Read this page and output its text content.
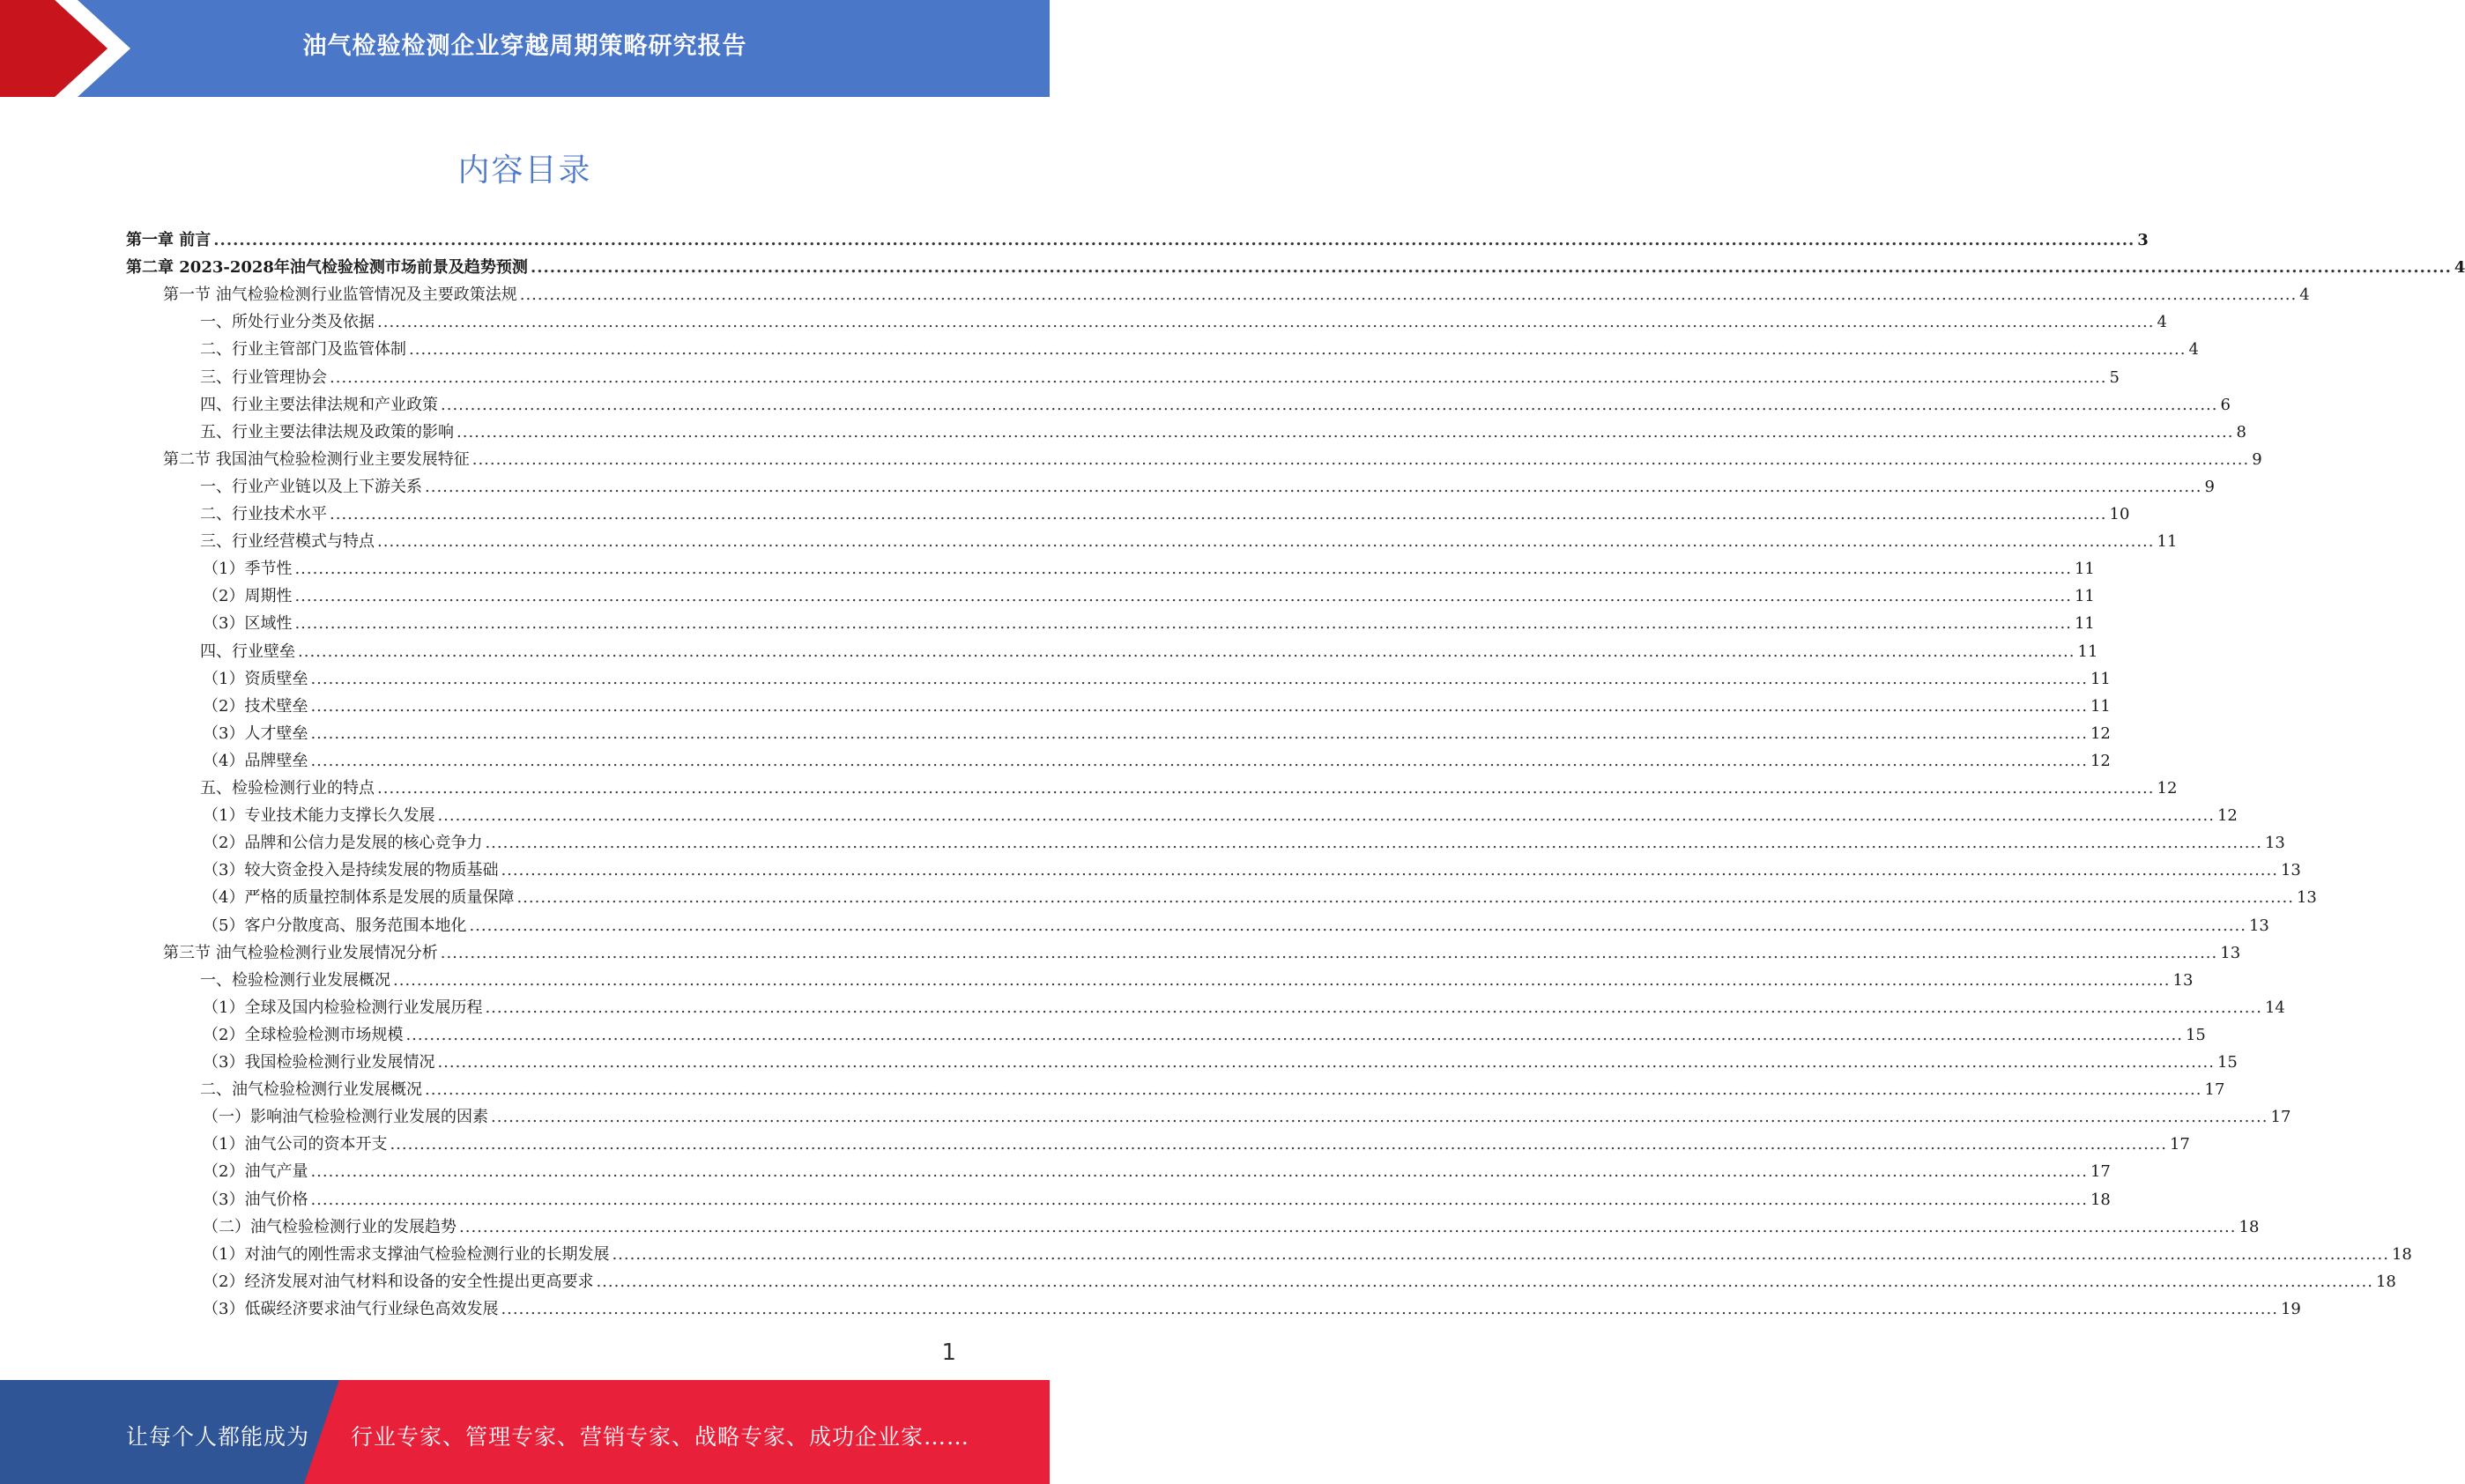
油气检验检测企业穿越周期策略研究报告
内容目录
第一章 前言 ............................................................................................................................................................................................................................................................................................................ 3
第二章 2023-2028年油气检验检测市场前景及趋势预测 ............................................................................................................................................................................................................................................................................................................ 4
第一节 油气检验检测行业监管情况及主要政策法规 ............................................................................................................................................................................................................................................................................................................ 4
一、所处行业分类及依据 ............................................................................................................................................................................................................................................................................................................ 4
二、行业主管部门及监管体制 ............................................................................................................................................................................................................................................................................................................ 4
三、行业管理协会 ............................................................................................................................................................................................................................................................................................................ 5
四、行业主要法律法规和产业政策 ............................................................................................................................................................................................................................................................................................................ 6
五、行业主要法律法规及政策的影响 ............................................................................................................................................................................................................................................................................................................ 8
第二节 我国油气检验检测行业主要发展特征 ............................................................................................................................................................................................................................................................................................................ 9
一、行业产业链以及上下游关系 ............................................................................................................................................................................................................................................................................................................ 9
二、行业技术水平 ............................................................................................................................................................................................................................................................................................................ 10
三、行业经营模式与特点 ............................................................................................................................................................................................................................................................................................................ 11
（1）季节性 ............................................................................................................................................................................................................................................................................................................ 11
（2）周期性 ............................................................................................................................................................................................................................................................................................................ 11
（3）区域性 ............................................................................................................................................................................................................................................................................................................ 11
四、行业壁垒 ............................................................................................................................................................................................................................................................................................................ 11
（1）资质壁垒 ............................................................................................................................................................................................................................................................................................................ 11
（2）技术壁垒 ............................................................................................................................................................................................................................................................................................................ 11
（3）人才壁垒 ............................................................................................................................................................................................................................................................................................................ 12
（4）品牌壁垒 ............................................................................................................................................................................................................................................................................................................ 12
五、检验检测行业的特点 ............................................................................................................................................................................................................................................................................................................ 12
（1）专业技术能力支撑长久发展 ............................................................................................................................................................................................................................................................................................................ 12
（2）品牌和公信力是发展的核心竞争力 ............................................................................................................................................................................................................................................................................................................ 13
（3）较大资金投入是持续发展的物质基础 ............................................................................................................................................................................................................................................................................................................ 13
（4）严格的质量控制体系是发展的质量保障 ............................................................................................................................................................................................................................................................................................................ 13
（5）客户分散度高、服务范围本地化 ............................................................................................................................................................................................................................................................................................................ 13
第三节 油气检验检测行业发展情况分析 ............................................................................................................................................................................................................................................................................................................ 13
一、检验检测行业发展概况 ............................................................................................................................................................................................................................................................................................................ 13
（1）全球及国内检验检测行业发展历程 ............................................................................................................................................................................................................................................................................................................ 14
（2）全球检验检测市场规模 ............................................................................................................................................................................................................................................................................................................ 15
（3）我国检验检测行业发展情况 ............................................................................................................................................................................................................................................................................................................ 15
二、油气检验检测行业发展概况 ............................................................................................................................................................................................................................................................................................................ 17
（一）影响油气检验检测行业发展的因素 ............................................................................................................................................................................................................................................................................................................ 17
（1）油气公司的资本开支 ............................................................................................................................................................................................................................................................................................................ 17
（2）油气产量 ............................................................................................................................................................................................................................................................................................................ 17
（3）油气价格 ............................................................................................................................................................................................................................................................................................................ 18
（二）油气检验检测行业的发展趋势 ............................................................................................................................................................................................................................................................................................................ 18
（1）对油气的刚性需求支撑油气检验检测行业的长期发展 ............................................................................................................................................................................................................................................................................................................ 18
（2）经济发展对油气材料和设备的安全性提出更高要求 ............................................................................................................................................................................................................................................................................................................ 18
（3）低碳经济要求油气行业绿色高效发展 ............................................................................................................................................................................................................................................................................................................ 19
1
让每个人都能成为 行业专家、管理专家、营销专家、战略专家、成功企业家……
